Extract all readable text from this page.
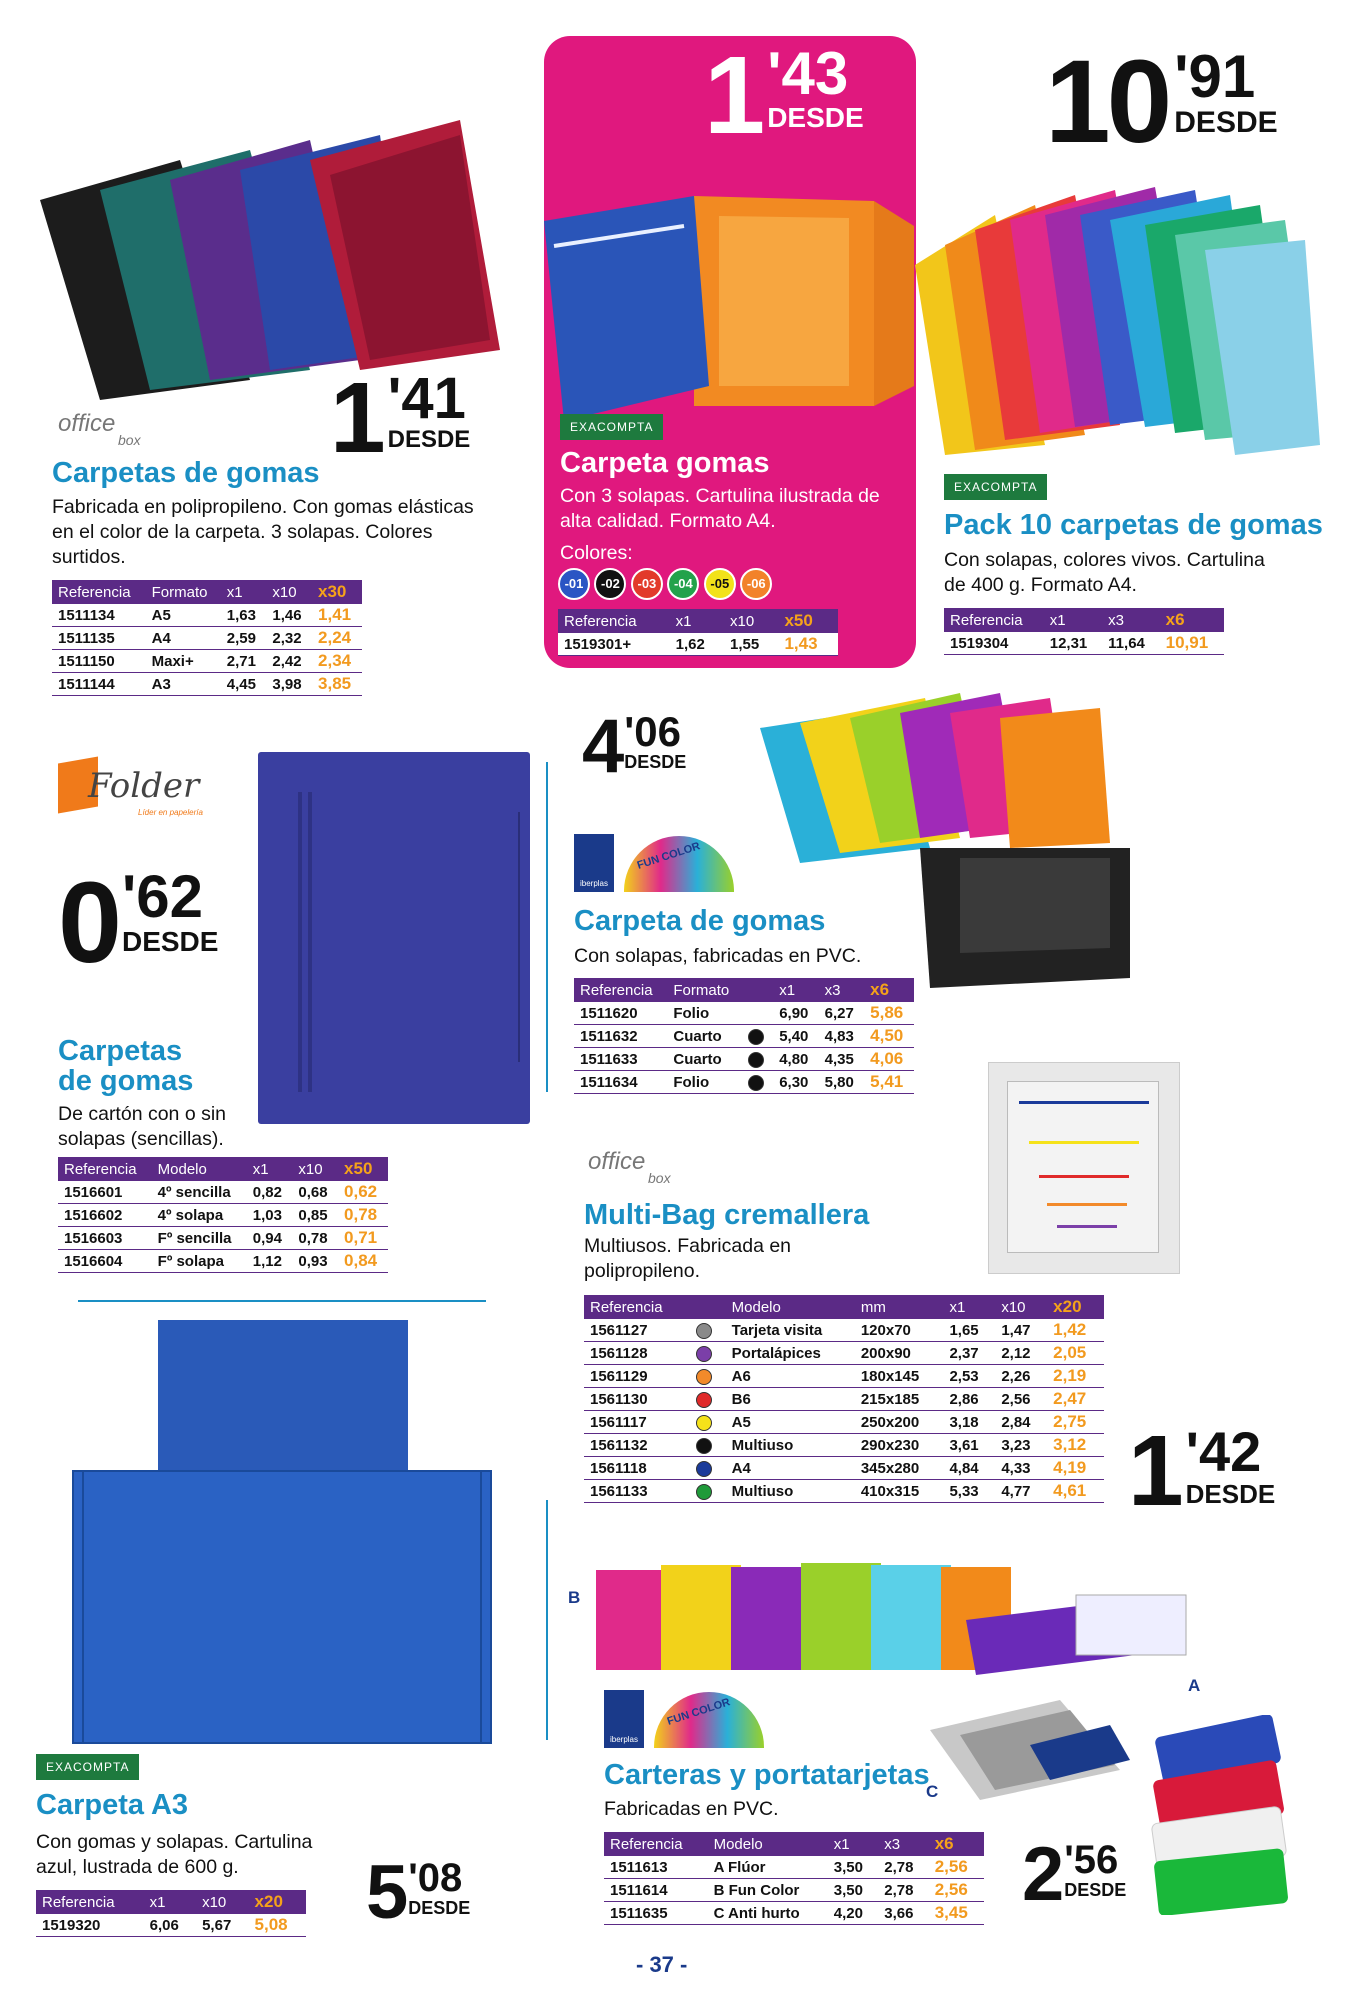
office
box 1 '41
DESDE
Carpetas de gomas
Fabricada en polipropileno. Con gomas elásticas en el color de la carpeta. 3 solapas. Colores surtidos.
Referencia	Formato	x1	x10	x30
1511134	A5	1,63	1,46	1,41
1511135	A4	2,59	2,32	2,24
1511150	Maxi+	2,71	2,42	2,34
1511144	A3	4,45	3,98	3,85
1 '43
DESDE
EXACOMPTA
Carpeta gomas
Con 3 solapas. Cartulina ilustrada de alta calidad. Formato A4.
Colores:
-01 -02 -03 -04 -05 -06
Referencia	x1	x10	x50
1519301+	1,62	1,55	1,43
10 '91
DESDE
EXACOMPTA
Pack 10 carpetas de gomas
Con solapas, colores vivos. Cartulina de 400 g. Formato A4.
Referencia	x1	x3	x6
1519304	12,31	11,64	10,91
Folder
Líder en papelería
0 '62
DESDE
Carpetas
de gomas
De cartón con o sin solapas (sencillas).
Referencia	Modelo	x1	x10	x50
1516601	4º sencilla	0,82	0,68	0,62
1516602	4º solapa	1,03	0,85	0,78
1516603	Fº sencilla	0,94	0,78	0,71
1516604	Fº solapa	1,12	0,93	0,84
4 '06
DESDE
iberplas
FUN COLOR
Carpeta de gomas
Con solapas, fabricadas en PVC.
Referencia	Formato		x1	x3	x6
1511620	Folio		6,90	6,27	5,86
1511632	Cuarto		5,40	4,83	4,50
1511633	Cuarto		4,80	4,35	4,06
1511634	Folio		6,30	5,80	5,41
office
box
Multi-Bag cremallera
Multiusos. Fabricada en polipropileno.
Referencia		Modelo	mm	x1	x10	x20
1561127		Tarjeta visita	120x70	1,65	1,47	1,42
1561128		Portalápices	200x90	2,37	2,12	2,05
1561129		A6	180x145	2,53	2,26	2,19
1561130		B6	215x185	2,86	2,56	2,47
1561117		A5	250x200	3,18	2,84	2,75
1561132		Multiuso	290x230	3,61	3,23	3,12
1561118		A4	345x280	4,84	4,33	4,19
1561133		Multiuso	410x315	5,33	4,77	4,61 1 '42
DESDE
EXACOMPTA
Carpeta A3
Con gomas y solapas. Cartulina azul, lustrada de 600 g.
Referencia	x1	x10	x20
1519320	6,06	5,67	5,08 5 '08
DESDE
B
A
iberplas
FUN COLOR
C
Carteras y portatarjetas
Fabricadas en PVC.
Referencia	Modelo	x1	x3	x6
1511613	A Flúor	3,50	2,78	2,56
1511614	B Fun Color	3,50	2,78	2,56
1511635	C Anti hurto	4,20	3,66	3,45 2 '56
DESDE
- 37 -
